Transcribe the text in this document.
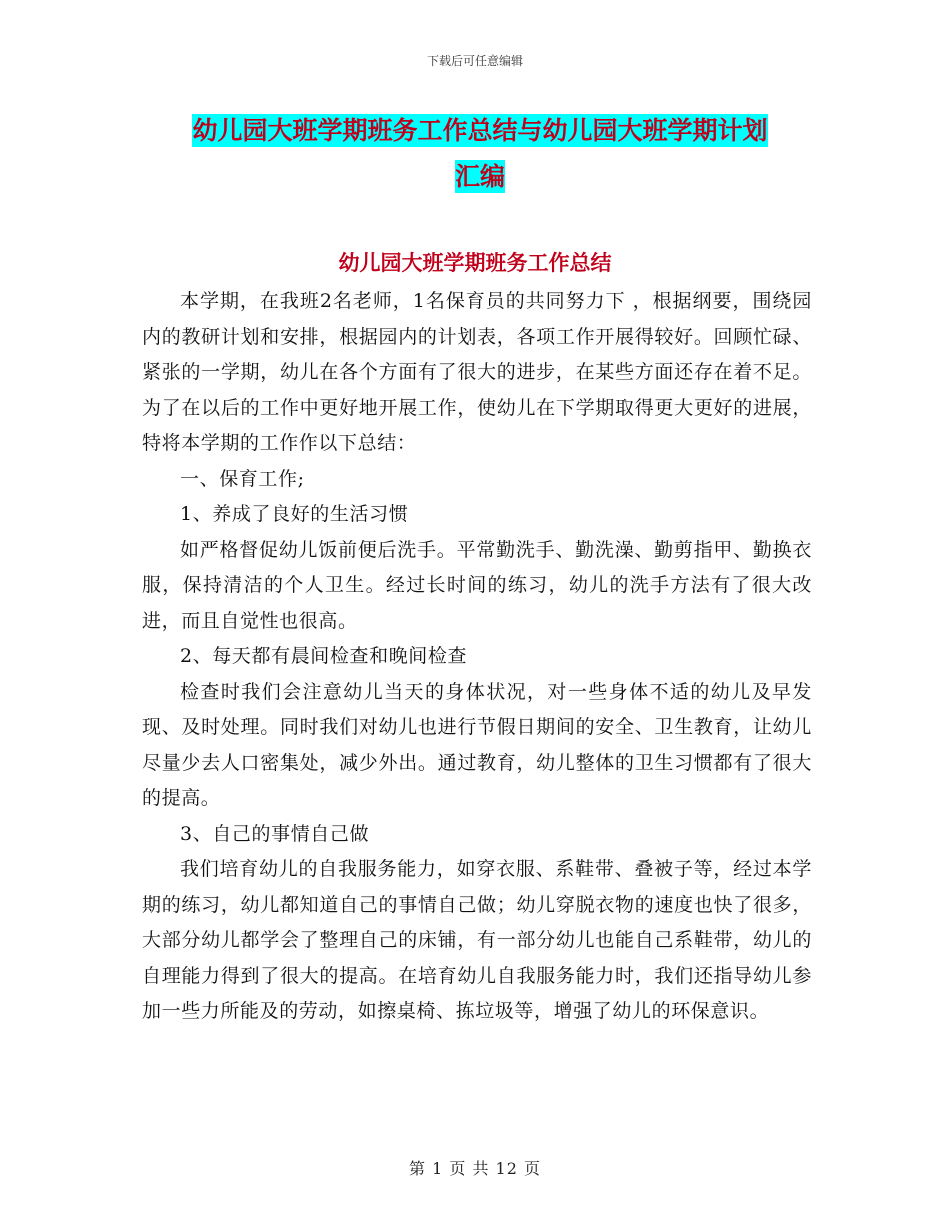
下载后可任意编辑
幼儿园大班学期班务工作总结与幼儿园大班学期计划
汇编
幼儿园大班学期班务工作总结

本学期，在我班2名老师，1名保育员的共同努力下 ，根据纲要，围绕园内的教研计划和安排，根据园内的计划表，各项工作开展得较好。回顾忙碌、紧张的一学期，幼儿在各个方面有了很大的进步，在某些方面还存在着不足。为了在以后的工作中更好地开展工作，使幼儿在下学期取得更大更好的进展，特将本学期的工作作以下总结：

一、保育工作;

1、养成了良好的生活习惯

如严格督促幼儿饭前便后洗手。平常勤洗手、勤洗澡、勤剪指甲、勤换衣服，保持清洁的个人卫生。经过长时间的练习，幼儿的洗手方法有了很大改进，而且自觉性也很高。

2、每天都有晨间检查和晚间检查

检查时我们会注意幼儿当天的身体状况，对一些身体不适的幼儿及早发现、及时处理。同时我们对幼儿也进行节假日期间的安全、卫生教育，让幼儿尽量少去人口密集处，减少外出。通过教育，幼儿整体的卫生习惯都有了很大的提高。

3、自己的事情自己做

我们培育幼儿的自我服务能力，如穿衣服、系鞋带、叠被子等，经过本学期的练习，幼儿都知道自己的事情自己做；幼儿穿脱衣物的速度也快了很多，大部分幼儿都学会了整理自己的床铺，有一部分幼儿也能自己系鞋带，幼儿的自理能力得到了很大的提高。在培育幼儿自我服务能力时，我们还指导幼儿参加一些力所能及的劳动，如擦桌椅、拣垃圾等，增强了幼儿的环保意识。

第 1 页 共 12 页
